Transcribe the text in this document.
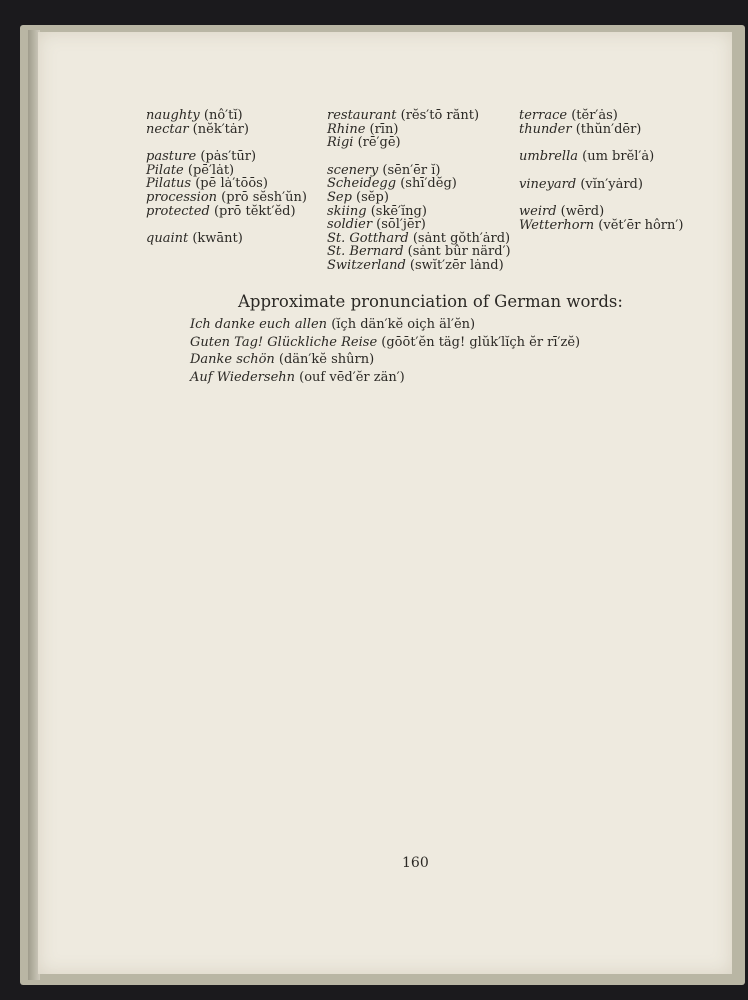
naughty (nô′tĭ)
nectar (nĕk′tȧr)
pasture (pȧs′tūr)
Pilate (pē′lȧt)
Pilatus (pē lȧ′tōōs)
procession (prō sĕsh′ŭn)
protected (prō tĕkt′ĕd)
quaint (kwānt)
restaurant (rĕs′tō rănt)
Rhine (rīn)
Rigi (rē′gē)
scenery (sēn′ēr ĭ)
Scheidegg (shī′dĕg)
Sep (sĕp)
skiing (skē′ĭng)
soldier (sōl′jēr)
St. Gotthard (sȧnt gŏth′ȧrd)
St. Bernard (sȧnt bûr närd′)
Switzerland (swĭt′zēr lȧnd)
terrace (tĕr′ȧs)
thunder (thŭn′dēr)
umbrella (um brĕl′ȧ)
vineyard (vĭn′yȧrd)
weird (wērd)
Wetterhorn (vĕt′ēr hôrn′)
Approximate pronunciation of German words:
Ich danke euch allen (ĭçh dän′kĕ oiçh äl′ĕn)
Guten Tag! Glückliche Reise (gōōt′ĕn täg! glŭk′lĭçh ĕr rī′zĕ)
Danke schön (dän′kĕ shûrn)
Auf Wiedersehn (ouf vēd′ĕr zän′)
160
